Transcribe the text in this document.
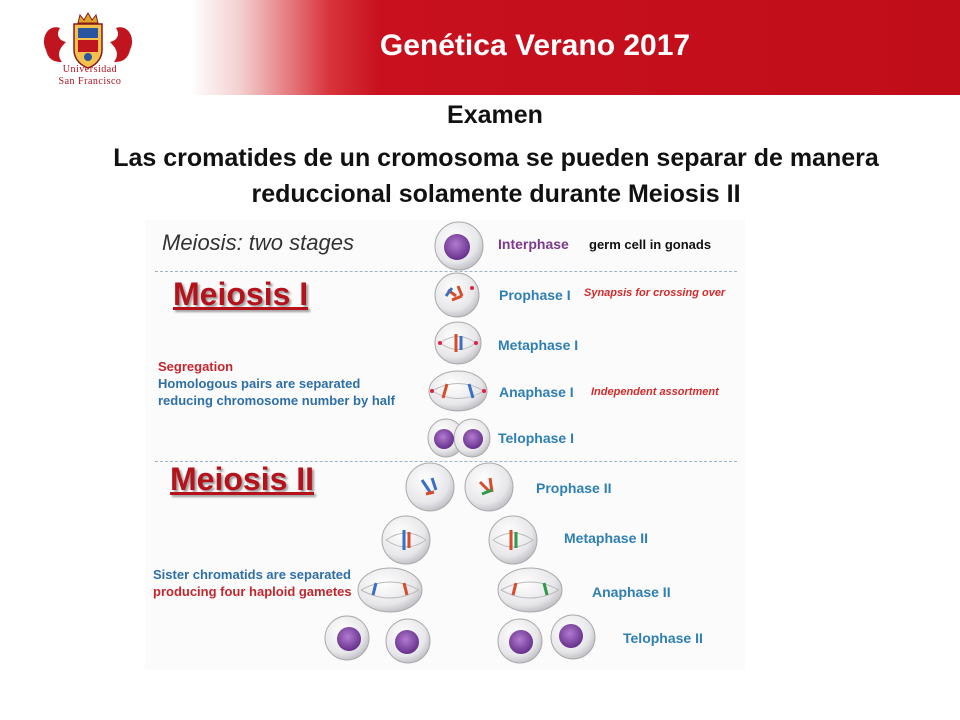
Genética Verano 2017
Universidad
San Francisco
Examen
Las cromatides de un cromosoma se pueden separar de manera reduccional solamente durante Meiosis II
Meiosis: two stages
Meiosis I
Meiosis II
Segregation
Homologous pairs are separated
reducing chromosome number by half
Sister chromatids are separated
producing four haploid gametes
Interphase germ cell in gonads
Prophase I Synapsis for crossing over
Metaphase I
Anaphase I Independent assortment
Telophase I
Prophase II
Metaphase II
Anaphase II
Telophase II
